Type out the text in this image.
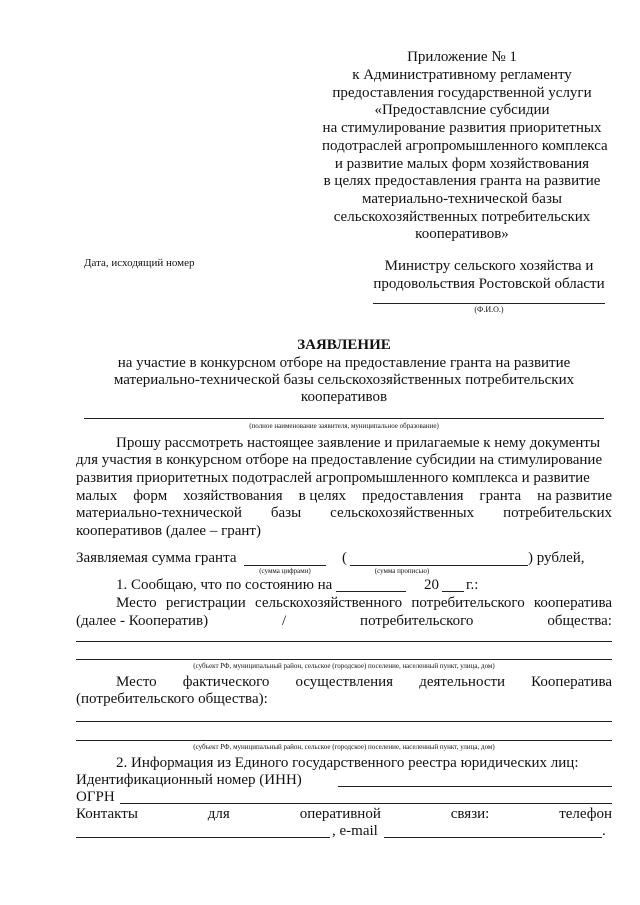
Приложение № 1
к Административному регламенту
предоставления государственной услуги
«Предоставлсние субсидии
на стимулирование развития приоритетных
подотраслей агропромышленного комплекса
и развитие малых форм хозяйствования
в целях предоставления гранта на развитие
материально-технической базы
сельскохозяйственных потребительских
кооперативов»
Дата, исходящий номер	Министру сельского хозяйства и
продовольствия Ростовской области
(Ф.И.О.)
ЗАЯВЛЕНИЕ
на участие в конкурсном отборе на предоставление гранта на развитие
материально-технической базы сельскохозяйственных потребительских
кооперативов
(полное наименование заявителя, муниципальное образование)
Прошу рассмотреть настоящее заявление и прилагаемые к нему документы
для участия в конкурсном отборе на предоставление субсидии на стимулирование
развития приоритетных подотраслей агропромышленного комплекса и развитие
малых форм хозяйствования в целях предоставления гранта на развитие
материально-технической базы сельскохозяйственных потребительских
кооперативов (далее – грант)
Заявляемая сумма гранта	(	) рублей,
(сумма цифрами)	(сумма прописью)
1. Сообщаю, что по состоянию на	20 г.:
Место регистрации сельскохозяйственного потребительского кооператива
(далее - Кооператив)	/	потребительского	общества:
(субъект РФ, муниципальный район, сельское (городское) поселение, населенный пункт, улица, дом)
Место фактического осуществления деятельности Кооператива
(потребительского общества):
(субъект РФ, муниципальный район, сельское (городское) поселение, населенный пункт, улица, дом)
2. Информация из Единого государственного реестра юридических лиц:
Идентификационный номер (ИНН)
ОГРН
Контакты	для	оперативной	связи:	телефон
, e-mail	.
